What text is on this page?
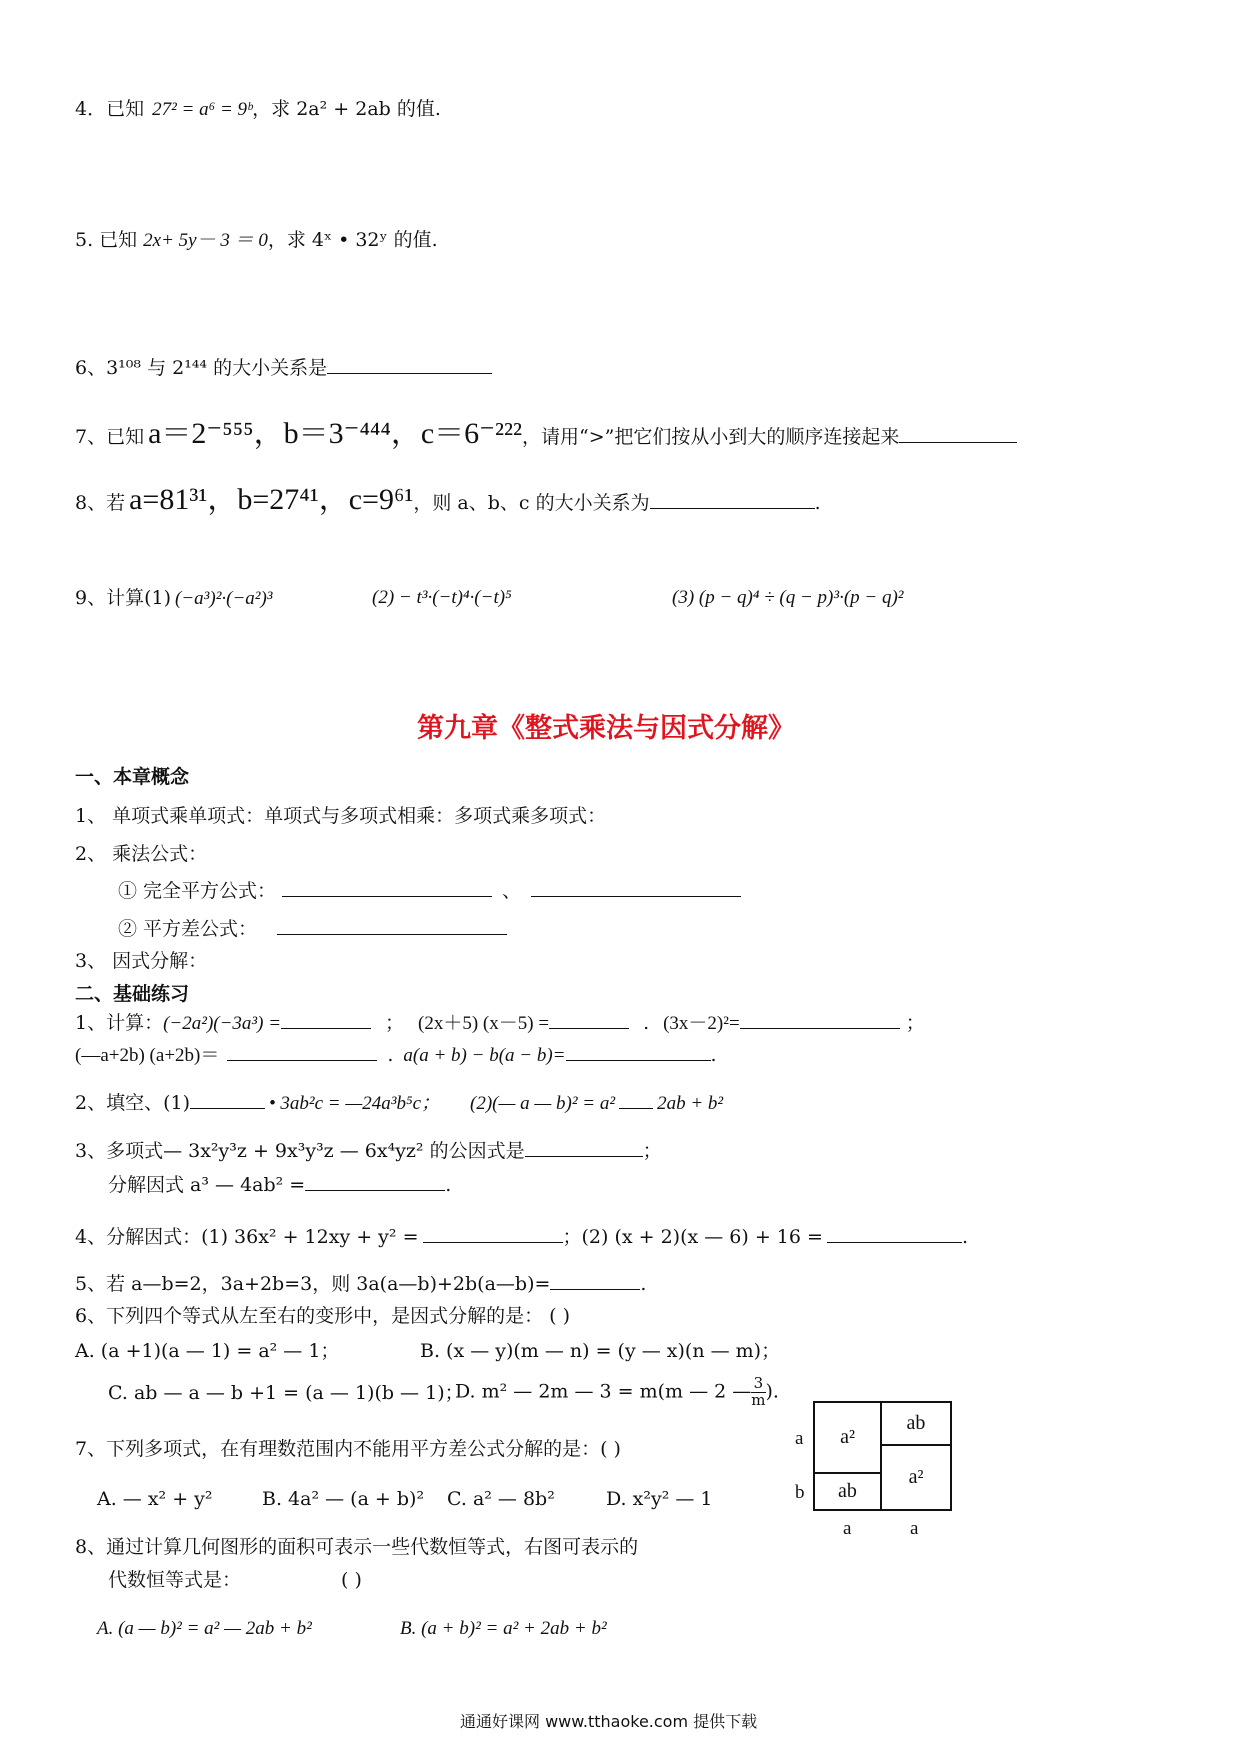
4．已知 27² = a⁶ = 9ᵇ，求 2a² + 2ab 的值.
5. 已知 2x+ 5y－ 3 ＝ 0，求 4ˣ • 32ʸ 的值.
6、3¹⁰⁸ 与 2¹⁴⁴ 的大小关系是
7、已知 a＝2⁻⁵⁵⁵，b＝3⁻⁴⁴⁴，c＝6⁻²²²，请用“>”把它们按从小到大的顺序连接起来
8、若 a=81³¹，b=27⁴¹，c=9⁶¹，则 a、b、c 的大小关系为	.
9、计算(1) (−a³)²·(−a²)³	(2) − t³·(−t)⁴·(−t)⁵	(3) (p − q)⁴ ÷ (q − p)³·(p − q)²
第九章《整式乘法与因式分解》
一、本章概念
1、 单项式乘单项式：单项式与多项式相乘：多项式乘多项式：
2、 乘法公式：
① 完全平方公式：	、
② 平方差公式：
3、 因式分解：
二、基础练习
1、计算：(−2a²)(−3a³) =	； (2x＋5) (x－5) =	. (3x－2)²=	；
(—a+2b) (a+2b)＝	. a(a + b) − b(a − b)=	.
2、填空、(1)	• 3ab²c = —24a³b⁵c； (2)(— a — b)² = a² 2ab + b²
3、多项式— 3x²y³z + 9x³y³z — 6x⁴yz² 的公因式是	；
分解因式 a³ — 4ab² =	.
4、分解因式：(1) 36x² + 12xy + y² =	；(2) (x + 2)(x — 6) + 16 =	.
5、若 a—b=2，3a+2b=3，则 3a(a—b)+2b(a—b)=	.
6、下列四个等式从左至右的变形中，是因式分解的是： ( )
A. (a +1)(a — 1) = a² — 1；	B. (x — y)(m — n) = (y — x)(n — m)；
C. ab — a — b +1 = (a — 1)(b — 1)；
D. m² — 2m — 3 = m(m — 2 — $\frac{3}{m}$ ).
7、下列多项式，在有理数范围内不能用平方差公式分解的是：( )
A. — x² + y²	B. 4a² — (a + b)² C. a² — 8b²	D. x²y² — 1
8、通过计算几何图形的面积可表示一些代数恒等式，右图可表示的
代数恒等式是：	( )
A. (a — b)² = a² — 2ab + b²	B. (a + b)² = a² + 2ab + b²
a²
ab
a²
ab
a
b
a	a
通通好课网 www.tthaoke.com 提供下载
